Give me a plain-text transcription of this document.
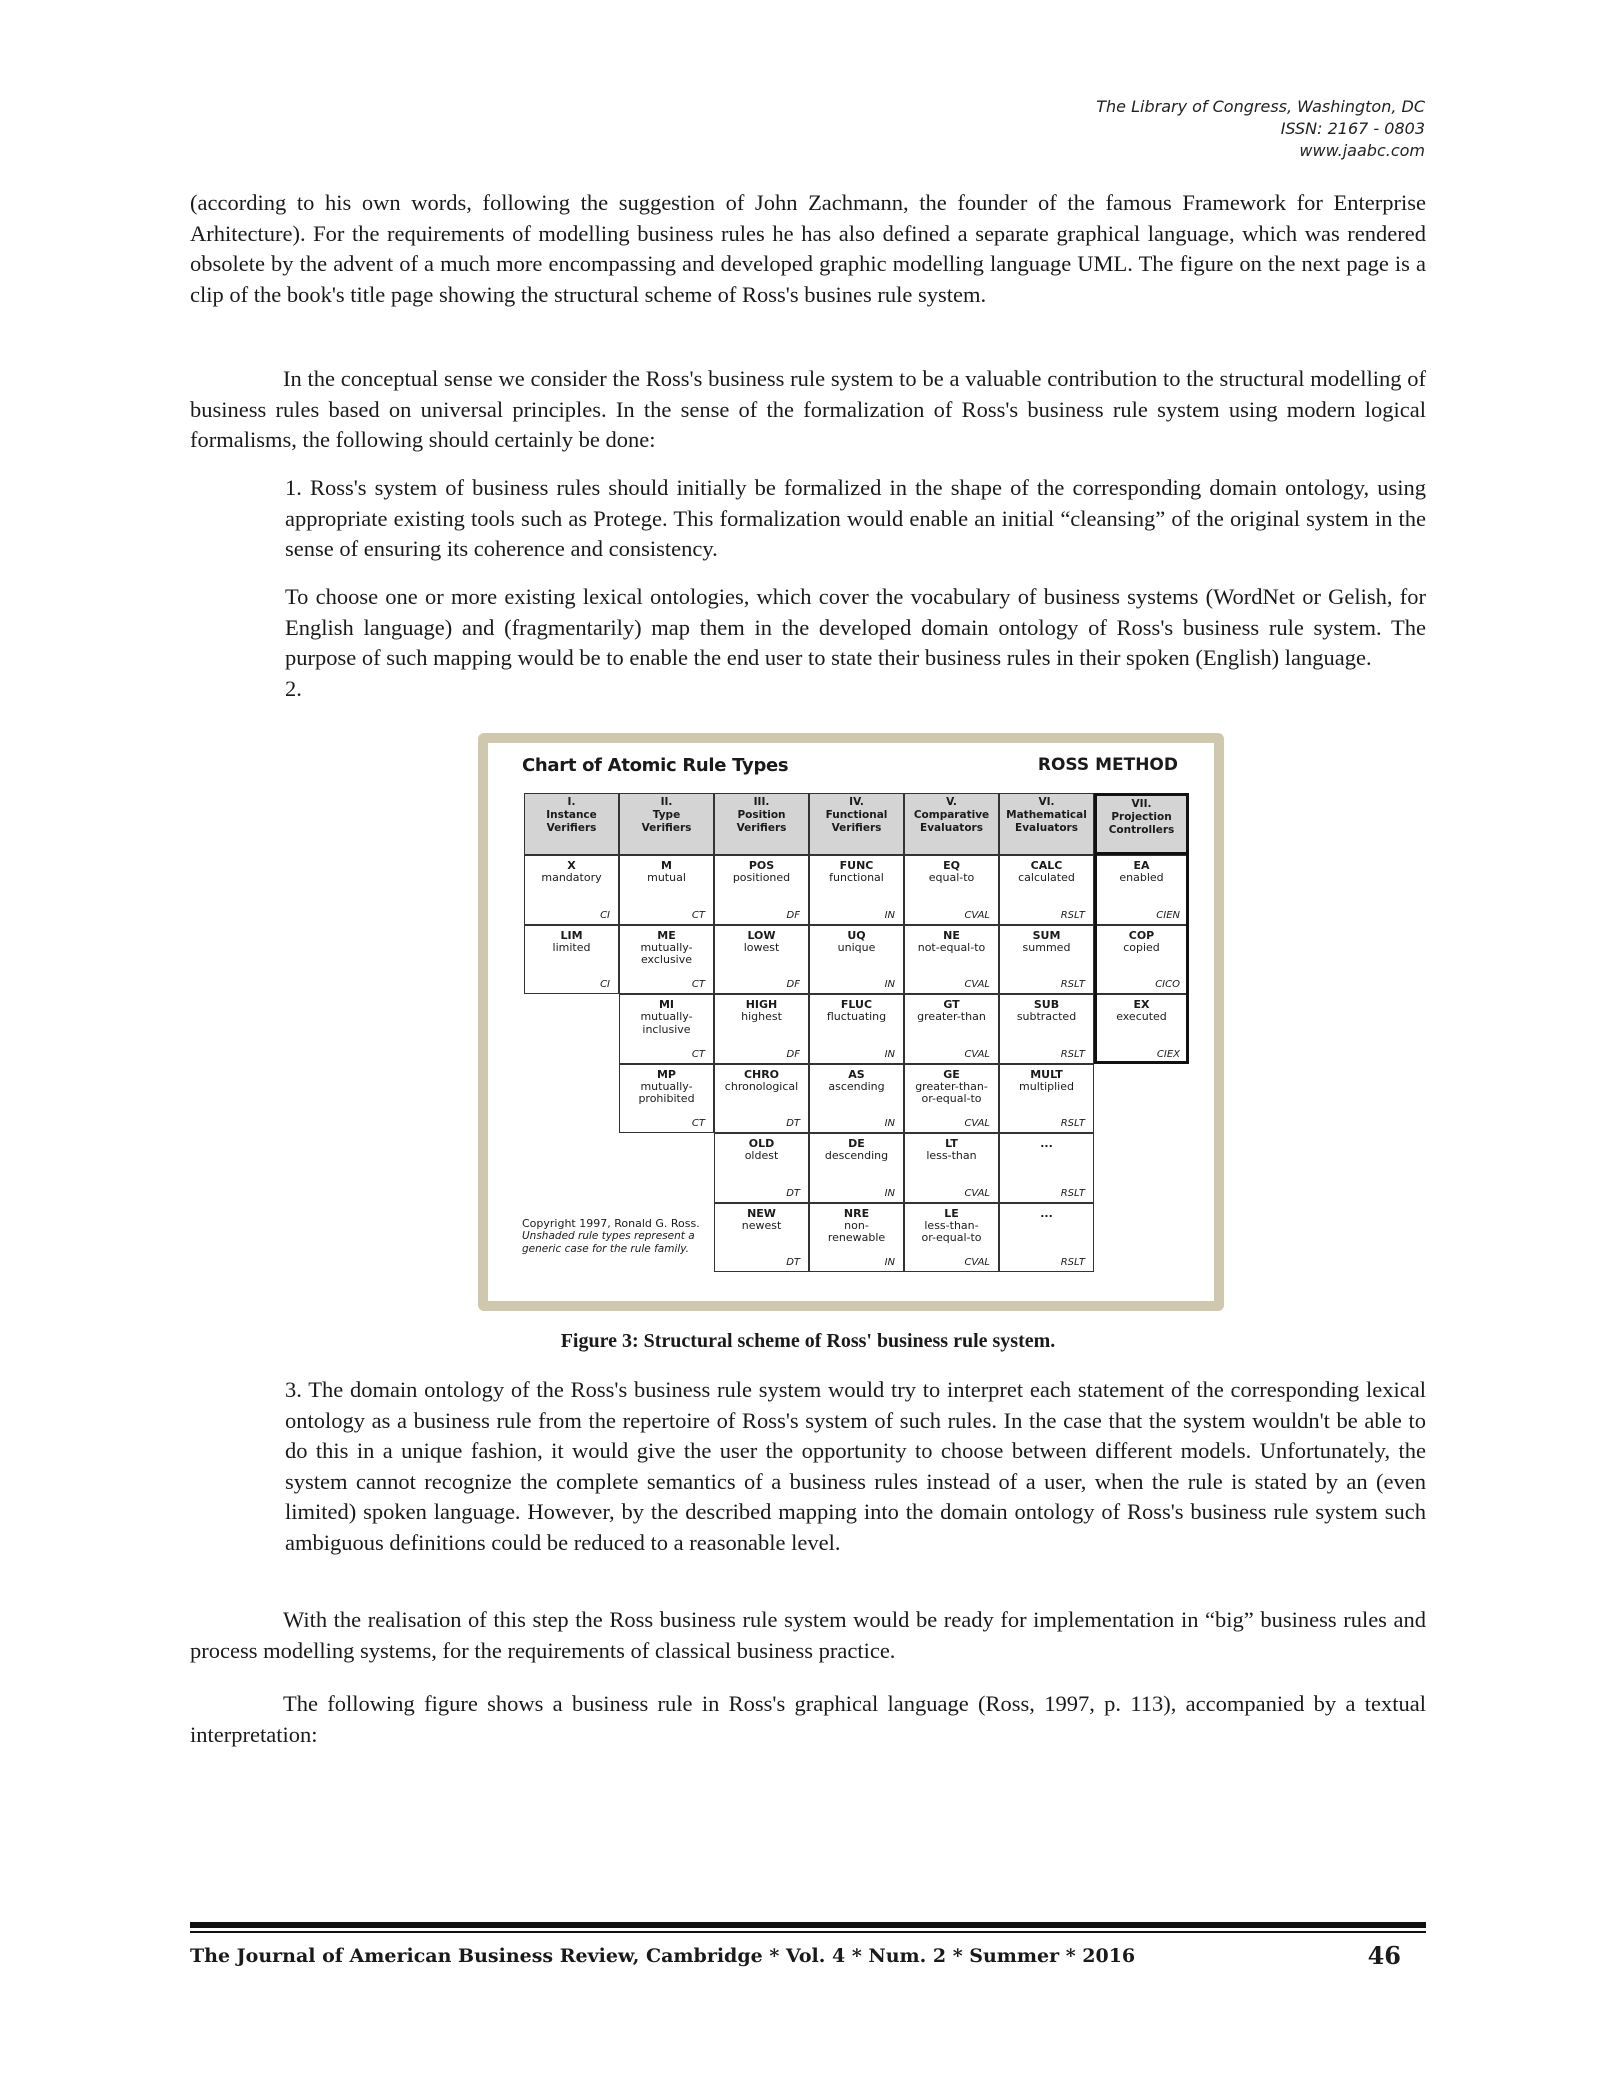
The Library of Congress, Washington, DC
ISSN: 2167 - 0803
www.jaabc.com

(according to his own words, following the suggestion of John Zachmann, the founder of the famous Framework for Enterprise Arhitecture). For the requirements of modelling business rules he has also defined a separate graphical language, which was rendered obsolete by the advent of a much more encompassing and developed graphic modelling language UML. The figure on the next page is a clip of the book's title page showing the structural scheme of Ross's busines rule system.

In the conceptual sense we consider the Ross's business rule system to be a valuable contribution to the structural modelling of business rules based on universal principles. In the sense of the formalization of Ross's business rule system using modern logical formalisms, the following should certainly be done:

1. Ross's system of business rules should initially be formalized in the shape of the corresponding domain ontology, using appropriate existing tools such as Protege. This formalization would enable an initial “cleansing” of the original system in the sense of ensuring its coherence and consistency.

To choose one or more existing lexical ontologies, which cover the vocabulary of business systems (WordNet or Gelish, for English language) and (fragmentarily) map them in the developed domain ontology of Ross's business rule system. The purpose of such mapping would be to enable the end user to state their business rules in their spoken (English) language.

2.

Chart of Atomic Rule Types	ROSS METHOD
Copyright 1997, Ronald G. Ross.
Unshaded rule types represent a
generic case for the rule family.
I.
Instance
Verifiers
II.
Type
Verifiers
III.
Position
Verifiers
IV.
Functional
Verifiers
V.
Comparative
Evaluators
VI.
Mathematical
Evaluators
VII.
Projection
Controllers
X
mandatory
CI
LIM
limited
CI
M
mutual
CT
ME
mutually-
exclusive
CT
MI
mutually-
inclusive
CT
MP
mutually-
prohibited
CT
POS
positioned
DF
LOW
lowest
DF
HIGH
highest
DF
CHRO
chronological
DT
OLD
oldest
DT
NEW
newest
DT
FUNC
functional
IN
UQ
unique
IN
FLUC
fluctuating
IN
AS
ascending
IN
DE
descending
IN
NRE
non-
renewable
IN
EQ
equal-to
CVAL
NE
not-equal-to
CVAL
GT
greater-than
CVAL
GE
greater-than-
or-equal-to
CVAL
LT
less-than
CVAL
LE
less-than-
or-equal-to
CVAL
CALC
calculated
RSLT
SUM
summed
RSLT
SUB
subtracted
RSLT
MULT
multiplied
RSLT
...
RSLT
...
RSLT
EA
enabled
CIEN
COP
copied
CICO
EX
executed
CIEX
Figure 3: Structural scheme of Ross' business rule system.

3. The domain ontology of the Ross's business rule system would try to interpret each statement of the corresponding lexical ontology as a business rule from the repertoire of Ross's system of such rules. In the case that the system wouldn't be able to do this in a unique fashion, it would give the user the opportunity to choose between different models. Unfortunately, the system cannot recognize the complete semantics of a business rules instead of a user, when the rule is stated by an (even limited) spoken language. However, by the described mapping into the domain ontology of Ross's business rule system such ambiguous definitions could be reduced to a reasonable level.

With the realisation of this step the Ross business rule system would be ready for implementation in “big” business rules and process modelling systems, for the requirements of classical business practice.

The following figure shows a business rule in Ross's graphical language (Ross, 1997, p. 113), accompanied by a textual interpretation:

The Journal of American Business Review, Cambridge * Vol. 4 * Num. 2 * Summer * 2016	46
